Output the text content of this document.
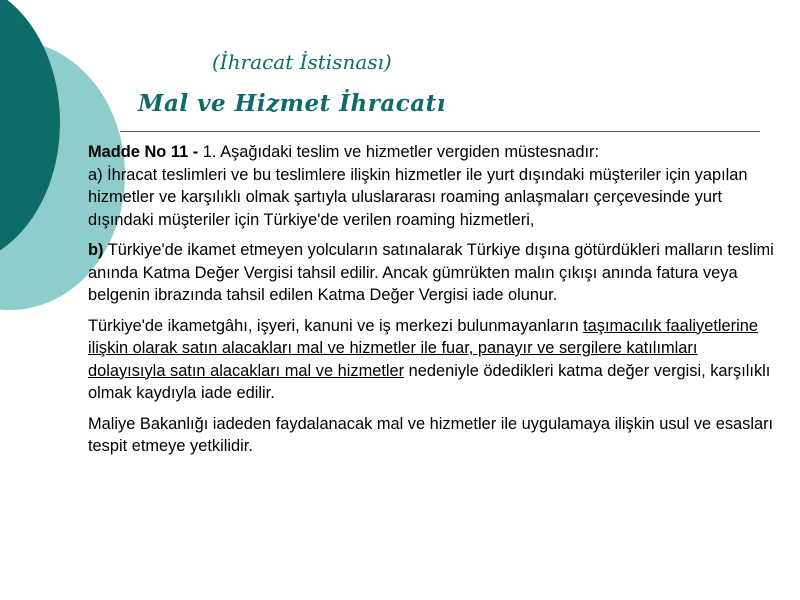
(İhracat İstisnası)
Mal ve Hizmet İhracatı

Madde No 11 - 1. Aşağıdaki teslim ve hizmetler vergiden müstesnadır:
a) İhracat teslimleri ve bu teslimlere ilişkin hizmetler ile yurt dışındaki müşteriler için yapılan hizmetler ve karşılıklı olmak şartıyla uluslararası roaming anlaşmaları çerçevesinde yurt dışındaki müşteriler için Türkiye'de verilen roaming hizmetleri,

b) Türkiye'de ikamet etmeyen yolcuların satınalarak Türkiye dışına götürdükleri malların teslimi anında Katma Değer Vergisi tahsil edilir. Ancak gümrükten malın çıkışı anında fatura veya belgenin ibrazında tahsil edilen Katma Değer Vergisi iade olunur.

Türkiye'de ikametgâhı, işyeri, kanuni ve iş merkezi bulunmayanların taşımacılık faaliyetlerine ilişkin olarak satın alacakları mal ve hizmetler ile fuar, panayır ve sergilere katılımları dolayısıyla satın alacakları mal ve hizmetler nedeniyle ödedikleri katma değer vergisi, karşılıklı olmak kaydıyla iade edilir.

Maliye Bakanlığı iadeden faydalanacak mal ve hizmetler ile uygulamaya ilişkin usul ve esasları tespit etmeye yetkilidir.
